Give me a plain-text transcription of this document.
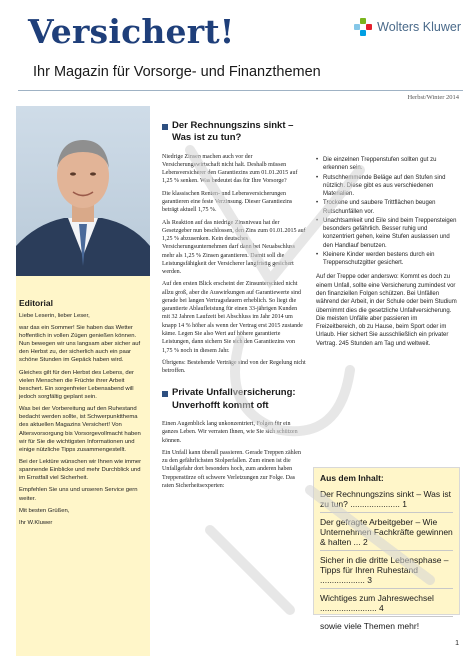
Versichert!
Ihr Magazin für Vorsorge- und Finanzthemen
Wolters Kluwer
Herbst/Winter 2014
Editorial

Liebe Leserin, lieber Leser,

war das ein Sommer! Sie haben das Wetter hoffentlich in vollen Zügen genießen können. Nun bewegen wir uns langsam aber sicher auf den Herbst zu, der sicherlich auch ein paar schöne Stunden im Gepäck haben wird.

Gleiches gilt für den Herbst des Lebens, der vielen Menschen die Früchte ihrer Arbeit beschert. Ein sorgenfreier Lebensabend will jedoch sorgfältig geplant sein.

Was bei der Vorbereitung auf den Ruhestand bedacht werden sollte, ist Schwerpunktthema des aktuellen Magazins Versichert! Von Altersvorsorgung bis Vorsorgevollmacht haben wir für Sie die wichtigsten Informationen und einige nützliche Tipps zusammengestellt.

Bei der Lektüre wünschen wir Ihnen wie immer spannende Einblicke und mehr Durchblick und im Ernstfall viel Sicherheit.

Empfehlen Sie uns und unseren Service gern weiter.

Mit besten Grüßen,

Ihr W.Kluwer

Der Rechnungszins sinkt – Was ist zu tun?

Niedrige Zinsen machen auch vor der Versicherungswirtschaft nicht halt. Deshalb müssen Lebensversicherer den Garantiezins zum 01.01.2015 auf 1,25 % senken. Was bedeutet das für Ihre Vorsorge?

Die klassischen Renten- und Lebensversicherungen garantieren eine feste Verzinsung. Dieser Garantiezins beträgt aktuell 1,75 %.

Als Reaktion auf das niedrige Zinsniveau hat der Gesetzgeber nun beschlossen, den Zins zum 01.01.2015 auf 1,25 % abzusenken. Kein deutsches Versicherungsunternehmen darf dann bei Neuabschluss mehr als 1,25 % Zinsen garantieren. Damit soll die Leistungsfähigkeit der Versicherer langfristig gesichert werden.

Auf den ersten Blick erscheint der Zinsunterschied nicht allzu groß, aber die Auswirkungen auf Garantiewerte sind gerade bei langen Vertragsdauern erheblich. So liegt die garantierte Ablaufleistung für einen 33-jährigen Kunden mit 32 Jahren Laufzeit bei Abschluss im Jahr 2014 um knapp 14 % höher als wenn der Vertrag erst 2015 zustande käme. Legen Sie also Wert auf höhere garantierte Leistungen, dann sichern Sie sich den Garantiezins von 1,75 % noch in diesem Jahr.

Übrigens: Bestehende Verträge sind von der Regelung nicht betroffen.

Private Unfallversicherung: Unverhofft kommt oft

Einen Augenblick lang unkonzentriert, Folgen für ein ganzes Leben. Wir verraten Ihnen, wie Sie sich schützen können.

Ein Unfall kann überall passieren. Gerade Treppen zählen zu den gefährlichsten Stolperfallen. Zum einen ist die Unfallgefahr dort besonders hoch, zum anderen haben Treppenstürze oft schwere Verletzungen zur Folge. Das raten Sicherheitsexperten:

• Die einzelnen Treppenstufen sollten gut zu erkennen sein.
• Rutschhemmende Beläge auf den Stufen sind nützlich. Diese gibt es aus verschiedenen Materialien.
• Trockene und saubere Trittflächen beugen Rutschunfällen vor.
• Unachtsamkeit und Eile sind beim Treppensteigen besonders gefährlich. Besser ruhig und konzentriert gehen, keine Stufen auslassen und den Handlauf benutzen.
• Kleinere Kinder werden bestens durch ein Treppenschutzgitter gesichert.

Auf der Treppe oder anderswo: Kommt es doch zu einem Unfall, sollte eine Versicherung zumindest vor den finanziellen Folgen schützen. Bei Unfällen während der Arbeit, in der Schule oder beim Studium übernimmt dies die gesetzliche Unfallversicherung. Die meisten Unfälle aber passieren im Freizeitbereich, ob zu Hause, beim Sport oder im Urlaub. Hier sichert Sie ausschließlich ein privater Vertrag. 245 Stunden am Tag und weltweit.

Aus dem Inhalt:
Der Rechnungszins sinkt – Was ist zu tun? ..................... 1
Der gefragte Arbeitgeber – Wie Unternehmen Fachkräfte gewinnen & halten ... 2
Sicher in die dritte Lebensphase – Tipps für Ihren Ruhestand ................... 3
Wichtiges zum Jahreswechsel ........................ 4
sowie viele Themen mehr!
1
